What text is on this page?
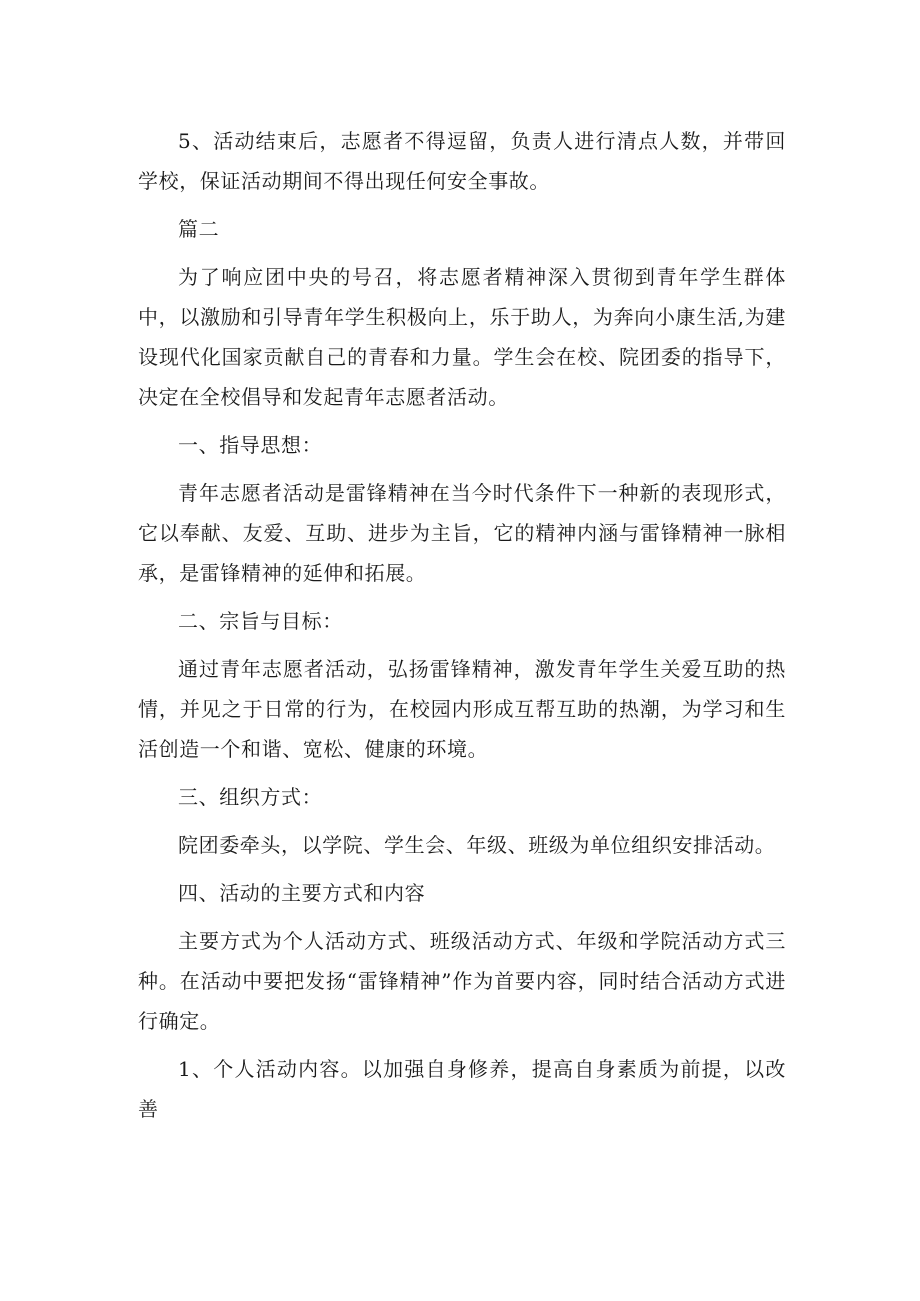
5、活动结束后，志愿者不得逗留，负责人进行清点人数，并带回学校，保证活动期间不得出现任何安全事故。

篇二

为了响应团中央的号召，将志愿者精神深入贯彻到青年学生群体中，以激励和引导青年学生积极向上，乐于助人，为奔向小康生活,为建设现代化国家贡献自己的青春和力量。学生会在校、院团委的指导下，决定在全校倡导和发起青年志愿者活动。

一、指导思想：

青年志愿者活动是雷锋精神在当今时代条件下一种新的表现形式，它以奉献、友爱、互助、进步为主旨，它的精神内涵与雷锋精神一脉相承，是雷锋精神的延伸和拓展。

二、宗旨与目标：

通过青年志愿者活动，弘扬雷锋精神，激发青年学生关爱互助的热情，并见之于日常的行为，在校园内形成互帮互助的热潮，为学习和生活创造一个和谐、宽松、健康的环境。

三、组织方式：

院团委牵头，以学院、学生会、年级、班级为单位组织安排活动。

四、活动的主要方式和内容

主要方式为个人活动方式、班级活动方式、年级和学院活动方式三种。在活动中要把发扬“雷锋精神”作为首要内容，同时结合活动方式进行确定。

1、个人活动内容。以加强自身修养，提高自身素质为前提，以改善
